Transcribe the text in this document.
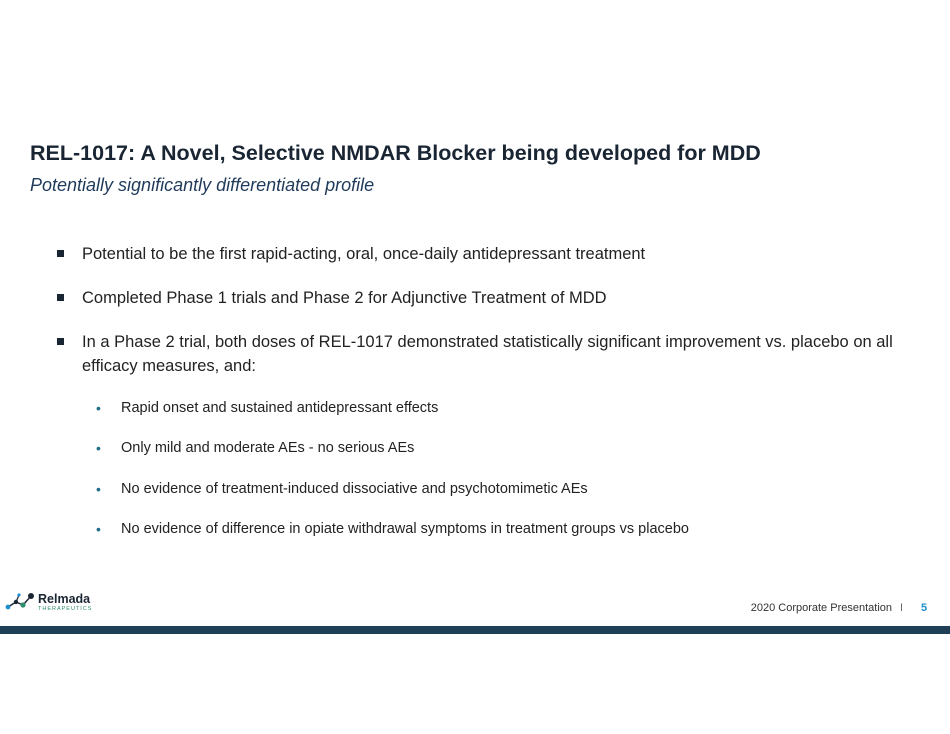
REL-1017: A Novel, Selective NMDAR Blocker being developed for MDD
Potentially significantly differentiated profile
Potential to be the first rapid-acting, oral, once-daily antidepressant treatment
Completed Phase 1 trials and Phase 2 for Adjunctive Treatment of MDD
In a Phase 2 trial, both doses of REL-1017 demonstrated statistically significant improvement vs. placebo on all efficacy measures, and:
• Rapid onset and sustained antidepressant effects
• Only mild and moderate AEs - no serious AEs
• No evidence of treatment-induced dissociative and psychotomimetic AEs
• No evidence of difference in opiate withdrawal symptoms in treatment groups vs placebo
Relmada
THERAPEUTICS	2020 Corporate Presentation I 5
